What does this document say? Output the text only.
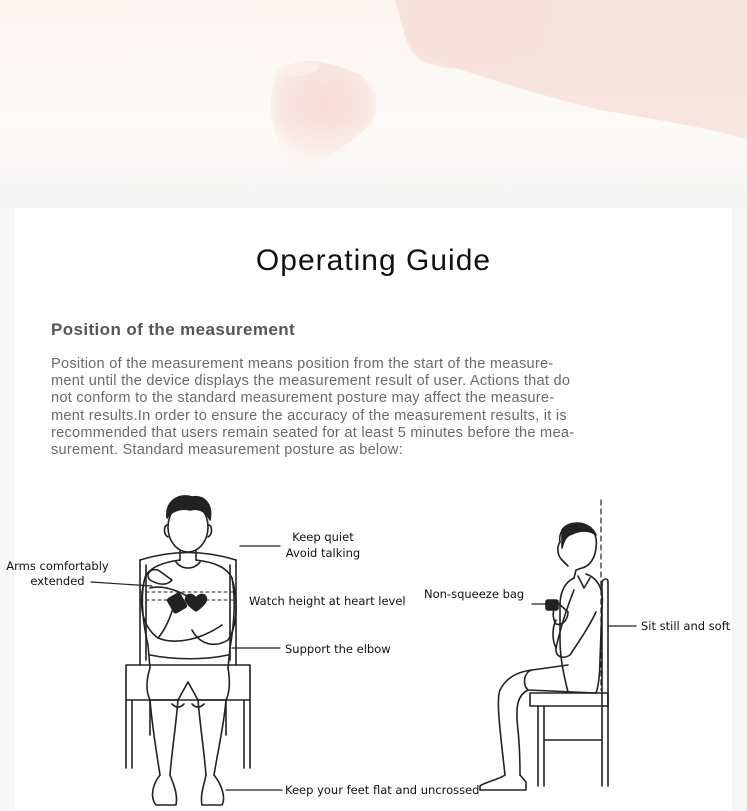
Operating Guide
Position of the measurement
Position of the measurement means position from the start of the measure-
ment until the device displays the measurement result of user. Actions that do
not conform to the standard measurement posture may affect the measure-
ment results.In order to ensure the accuracy of the measurement results, it is
recommended that users remain seated for at least 5 minutes before the mea-
surement. Standard measurement posture as below:
Keep quiet
Avoid talking
Arms comfortably
extended
Watch height at heart level
Support the elbow
Keep your feet flat and uncrossed
Non-squeeze bag
Sit still and soft
